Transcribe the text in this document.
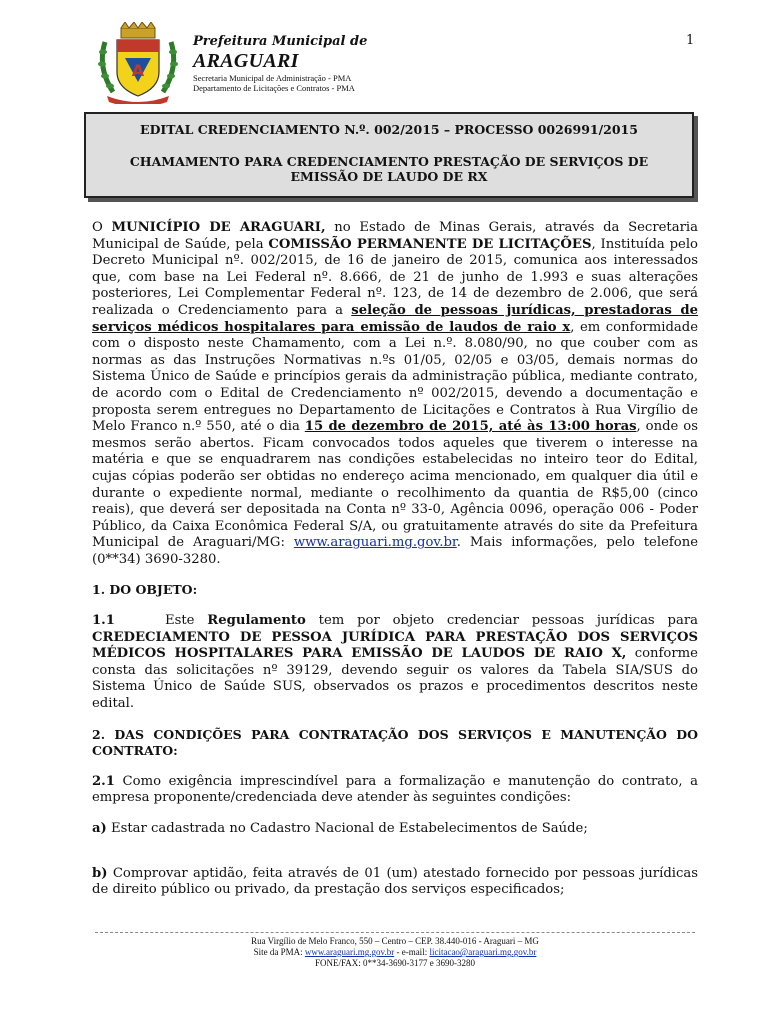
A
Prefeitura Municipal de
ARAGUARI
Secretaria Municipal de Administração - PMA
Departamento de Licitações e Contratos - PMA
1
EDITAL CREDENCIAMENTO N.º. 002/2015 – PROCESSO 0026991/2015
CHAMAMENTO PARA CREDENCIAMENTO PRESTAÇÃO DE SERVIÇOS DE
EMISSÃO DE LAUDO DE RX

O MUNICÍPIO DE ARAGUARI, no Estado de Minas Gerais, através da Secretaria Municipal de Saúde, pela COMISSÃO PERMANENTE DE LICITAÇÕES, Instituída pelo Decreto Municipal nº. 002/2015, de 16 de janeiro de 2015, comunica aos interessados que, com base na Lei Federal nº. 8.666, de 21 de junho de 1.993 e suas alterações posteriores, Lei Complementar Federal nº. 123, de 14 de dezembro de 2.006, que será realizada o Credenciamento para a seleção de pessoas jurídicas, prestadoras de serviços médicos hospitalares para emissão de laudos de raio x, em conformidade com o disposto neste Chamamento, com a Lei n.º. 8.080/90, no que couber com as normas as das Instruções Normativas n.ºs 01/05, 02/05 e 03/05, demais normas do Sistema Único de Saúde e princípios gerais da administração pública, mediante contrato, de acordo com o Edital de Credenciamento nº 002/2015, devendo a documentação e proposta serem entregues no Departamento de Licitações e Contratos à Rua Virgílio de Melo Franco n.º 550, até o dia 15 de dezembro de 2015, até às 13:00 horas, onde os mesmos serão abertos. Ficam convocados todos aqueles que tiverem o interesse na matéria e que se enquadrarem nas condições estabelecidas no inteiro teor do Edital, cujas cópias poderão ser obtidas no endereço acima mencionado, em qualquer dia útil e durante o expediente normal, mediante o recolhimento da quantia de R$5,00 (cinco reais), que deverá ser depositada na Conta nº 33-0, Agência 0096, operação 006 - Poder Público, da Caixa Econômica Federal S/A, ou gratuitamente através do site da Prefeitura Municipal de Araguari/MG: www.araguari.mg.gov.br. Mais informações, pelo telefone (0**34) 3690-3280.

1. DO OBJETO:

1.1	Este Regulamento tem por objeto credenciar pessoas jurídicas para CREDECIAMENTO DE PESSOA JURÍDICA PARA PRESTAÇÃO DOS SERVIÇOS MÉDICOS HOSPITALARES PARA EMISSÃO DE LAUDOS DE RAIO X, conforme consta das solicitações nº 39129, devendo seguir os valores da Tabela SIA/SUS do Sistema Único de Saúde SUS, observados os prazos e procedimentos descritos neste edital.

2. DAS CONDIÇÕES PARA CONTRATAÇÃO DOS SERVIÇOS E MANUTENÇÃO DO CONTRATO:

2.1 Como exigência imprescindível para a formalização e manutenção do contrato, a empresa proponente/credenciada deve atender às seguintes condições:

a) Estar cadastrada no Cadastro Nacional de Estabelecimentos de Saúde;

b) Comprovar aptidão, feita através de 01 (um) atestado fornecido por pessoas jurídicas de direito público ou privado, da prestação dos serviços especificados;

Rua Virgílio de Melo Franco, 550 – Centro – CEP. 38.440-016 - Araguari – MG
Site da PMA: www.araguari.mg.gov.br - e-mail: licitacao@araguari.mg.gov.br
FONE/FAX: 0**34-3690-3177 e 3690-3280
